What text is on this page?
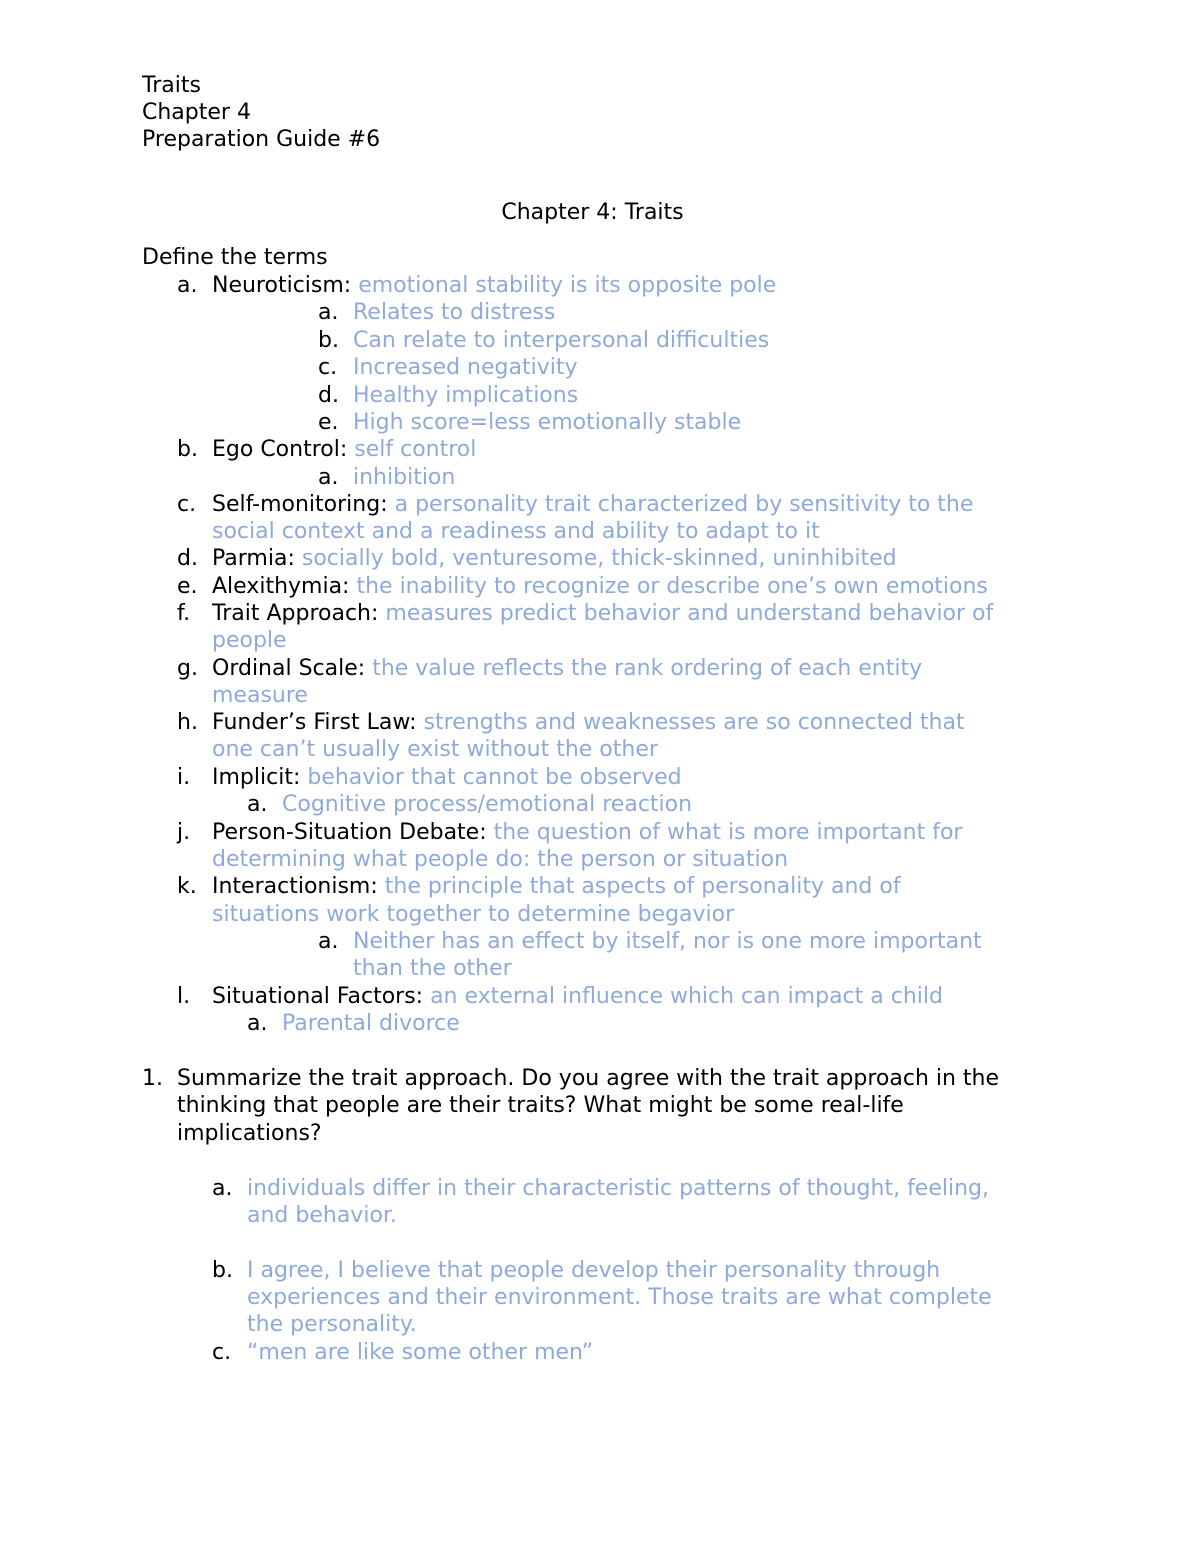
Traits
Chapter 4
Preparation Guide #6
Chapter 4: Traits
Define the terms
a. Neuroticism: emotional stability is its opposite pole
a. Relates to distress
b. Can relate to interpersonal difficulties
c. Increased negativity
d. Healthy implications
e. High score=less emotionally stable
b. Ego Control: self control
a. inhibition
c. Self-monitoring: a personality trait characterized by sensitivity to the
social context and a readiness and ability to adapt to it
d. Parmia: socially bold, venturesome, thick-skinned, uninhibited
e. Alexithymia: the inability to recognize or describe one’s own emotions
f. Trait Approach: measures predict behavior and understand behavior of
people
g. Ordinal Scale: the value reflects the rank ordering of each entity
measure
h. Funder’s First Law: strengths and weaknesses are so connected that
one can’t usually exist without the other
i. Implicit: behavior that cannot be observed
a. Cognitive process/emotional reaction
j. Person-Situation Debate: the question of what is more important for
determining what people do: the person or situation
k. Interactionism: the principle that aspects of personality and of
situations work together to determine begavior
a. Neither has an effect by itself, nor is one more important
than the other
l. Situational Factors: an external influence which can impact a child
a. Parental divorce
1. Summarize the trait approach. Do you agree with the trait approach in the
thinking that people are their traits? What might be some real-life
implications?
a. individuals differ in their characteristic patterns of thought, feeling,
and behavior.
b. I agree, I believe that people develop their personality through
experiences and their environment. Those traits are what complete
the personality.
c. “men are like some other men”
